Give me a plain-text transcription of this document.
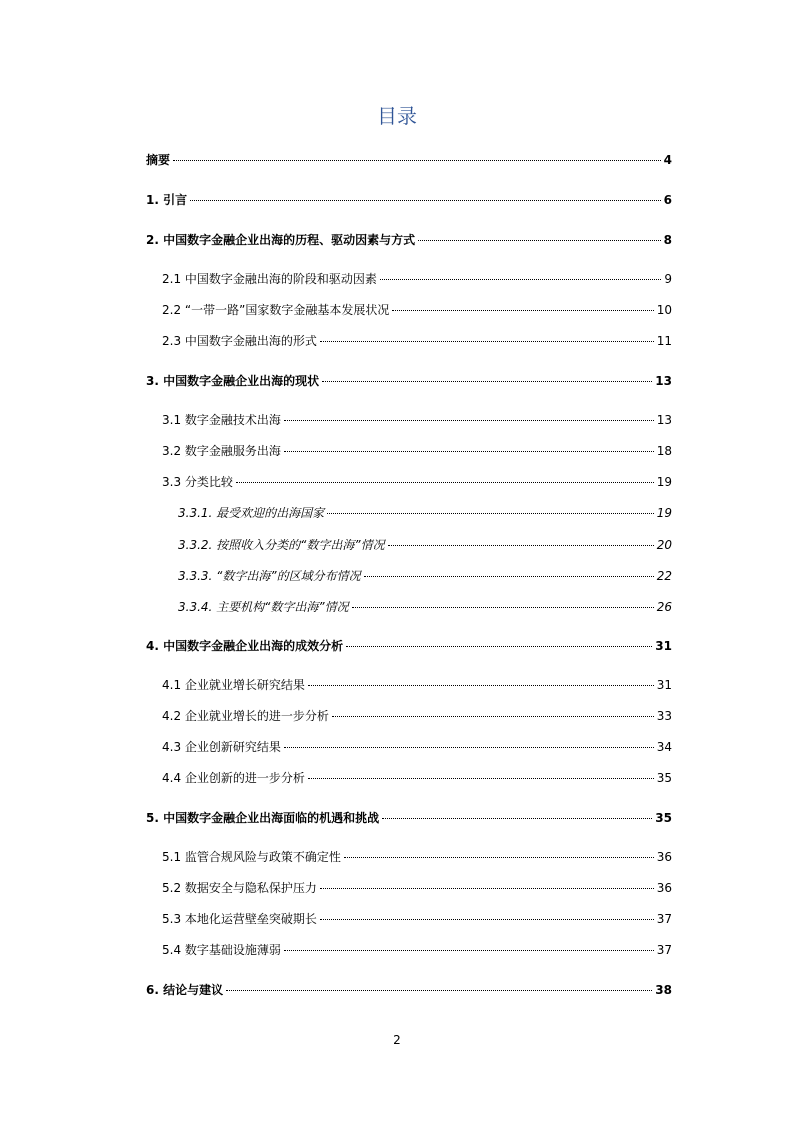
目录
摘要	4
1. 引言	6
2. 中国数字金融企业出海的历程、驱动因素与方式	8
2.1 中国数字金融出海的阶段和驱动因素	9
2.2 “一带一路”国家数字金融基本发展状况	10
2.3 中国数字金融出海的形式	11
3. 中国数字金融企业出海的现状	13
3.1 数字金融技术出海	13
3.2 数字金融服务出海	18
3.3 分类比较	19
3.3.1. 最受欢迎的出海国家	19
3.3.2. 按照收入分类的“数字出海”情况	20
3.3.3. “数字出海”的区域分布情况	22
3.3.4. 主要机构“数字出海”情况	26
4. 中国数字金融企业出海的成效分析	31
4.1 企业就业增长研究结果	31
4.2 企业就业增长的进一步分析	33
4.3 企业创新研究结果	34
4.4 企业创新的进一步分析	35
5. 中国数字金融企业出海面临的机遇和挑战	35
5.1 监管合规风险与政策不确定性	36
5.2 数据安全与隐私保护压力	36
5.3 本地化运营壁垒突破期长	37
5.4 数字基础设施薄弱	37
6. 结论与建议	38
2
